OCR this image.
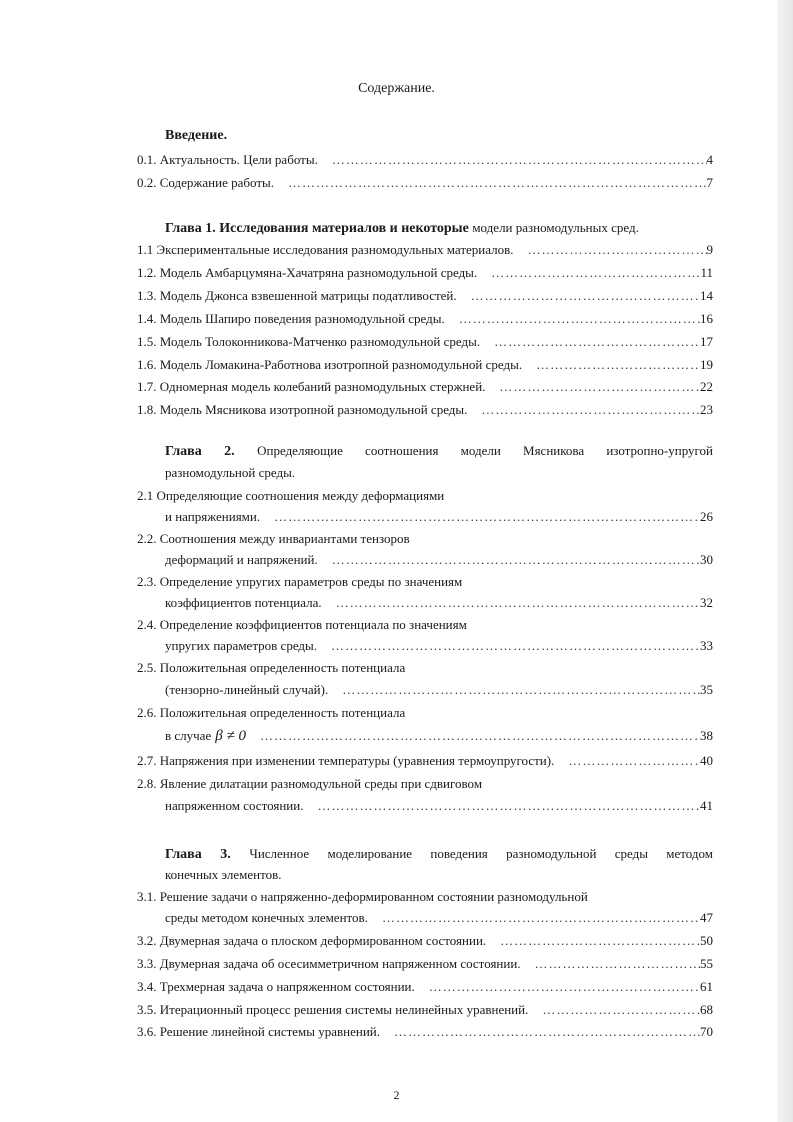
Содержание.
Введение.
0.1. Актуальность. Цели работы. …………………………………………………………………………………………………………	4
0.2. Содержание работы. …………………………………………………………………………………………………………	7
Глава 1. Исследования материалов и некоторые модели разномодульных сред.
1.1 Экспериментальные исследования разномодульных материалов. …………………………………………………………………………………………………………	9
1.2. Модель Амбарцумяна-Хачатряна разномодульной среды. …………………………………………………………………………………………………………	11
1.3. Модель Джонса взвешенной матрицы податливостей. …………………………………………………………………………………………………………	14
1.4. Модель Шапиро поведения разномодульной среды. …………………………………………………………………………………………………………	16
1.5. Модель Толоконникова-Матченко разномодульной среды. …………………………………………………………………………………………………………	17
1.6. Модель Ломакина-Работнова изотропной разномодульной среды. …………………………………………………………………………………………………………	19
1.7. Одномерная модель колебаний разномодульных стержней. …………………………………………………………………………………………………………	22
1.8. Модель Мясникова изотропной разномодульной среды. …………………………………………………………………………………………………………	23
Глава 2. Определяющие соотношения модели Мясникова изотропно-упругой
разномодульной среды.
2.1 Определяющие соотношения между деформациями
и напряжениями. …………………………………………………………………………………………………………	26
2.2. Соотношения между инвариантами тензоров
деформаций и напряжений. …………………………………………………………………………………………………………	30
2.3. Определение упругих параметров среды по значениям
коэффициентов потенциала. …………………………………………………………………………………………………………	32
2.4. Определение коэффициентов потенциала по значениям
упругих параметров среды. …………………………………………………………………………………………………………	33
2.5. Положительная определенность потенциала
(тензорно-линейный случай). …………………………………………………………………………………………………………	35
2.6. Положительная определенность потенциала
в случае β ≠ 0 …………………………………………………………………………………………………………	38
2.7. Напряжения при изменении температуры (уравнения термоупругости). …………………………………………………………………………………………………………	40
2.8. Явление дилатации разномодульной среды при сдвиговом
напряженном состоянии. …………………………………………………………………………………………………………	41
Глава 3. Численное моделирование поведения разномодульной среды методом
конечных элементов.
3.1. Решение задачи о напряженно-деформированном состоянии разномодульной
среды методом конечных элементов. …………………………………………………………………………………………………………	47
3.2. Двумерная задача о плоском деформированном состоянии. …………………………………………………………………………………………………………	50
3.3. Двумерная задача об осесимметричном напряженном состоянии. …………………………………………………………………………………………………………	55
3.4. Трехмерная задача о напряженном состоянии. …………………………………………………………………………………………………………	61
3.5. Итерационный процесс решения системы нелинейных уравнений. …………………………………………………………………………………………………………	68
3.6. Решение линейной системы уравнений. …………………………………………………………………………………………………………	70
2
